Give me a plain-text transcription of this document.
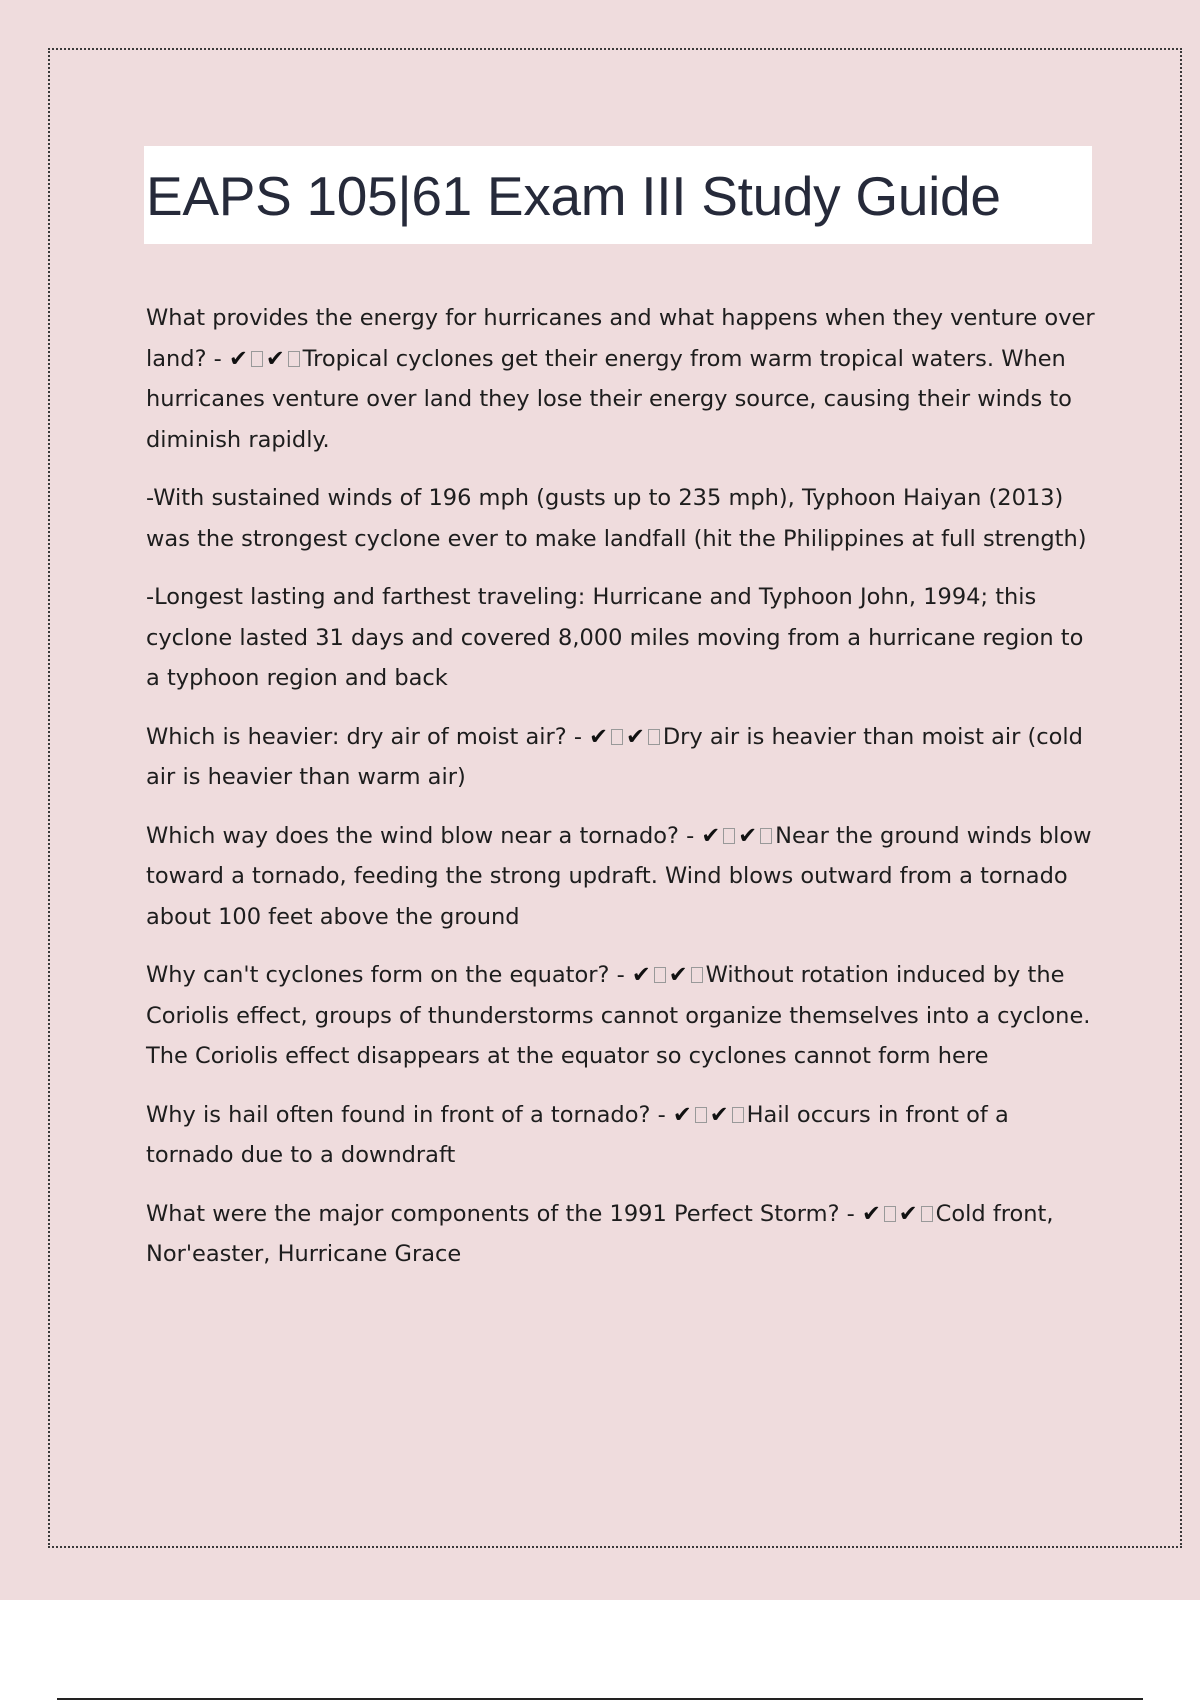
EAPS 105|61 Exam III Study Guide

What provides the energy for hurricanes and what happens when they venture over land? - ✔ ✔ Tropical cyclones get their energy from warm tropical waters. When hurricanes venture over land they lose their energy source, causing their winds to diminish rapidly.

-With sustained winds of 196 mph (gusts up to 235 mph), Typhoon Haiyan (2013) was the strongest cyclone ever to make landfall (hit the Philippines at full strength)

-Longest lasting and farthest traveling: Hurricane and Typhoon John, 1994; this cyclone lasted 31 days and covered 8,000 miles moving from a hurricane region to a typhoon region and back

Which is heavier: dry air of moist air? - ✔ ✔ Dry air is heavier than moist air (cold air is heavier than warm air)

Which way does the wind blow near a tornado? - ✔ ✔ Near the ground winds blow toward a tornado, feeding the strong updraft. Wind blows outward from a tornado about 100 feet above the ground

Why can't cyclones form on the equator? - ✔ ✔ Without rotation induced by the Coriolis effect, groups of thunderstorms cannot organize themselves into a cyclone. The Coriolis effect disappears at the equator so cyclones cannot form here

Why is hail often found in front of a tornado? - ✔ ✔ Hail occurs in front of a tornado due to a downdraft

What were the major components of the 1991 Perfect Storm? - ✔ ✔ Cold front, Nor'easter, Hurricane Grace
